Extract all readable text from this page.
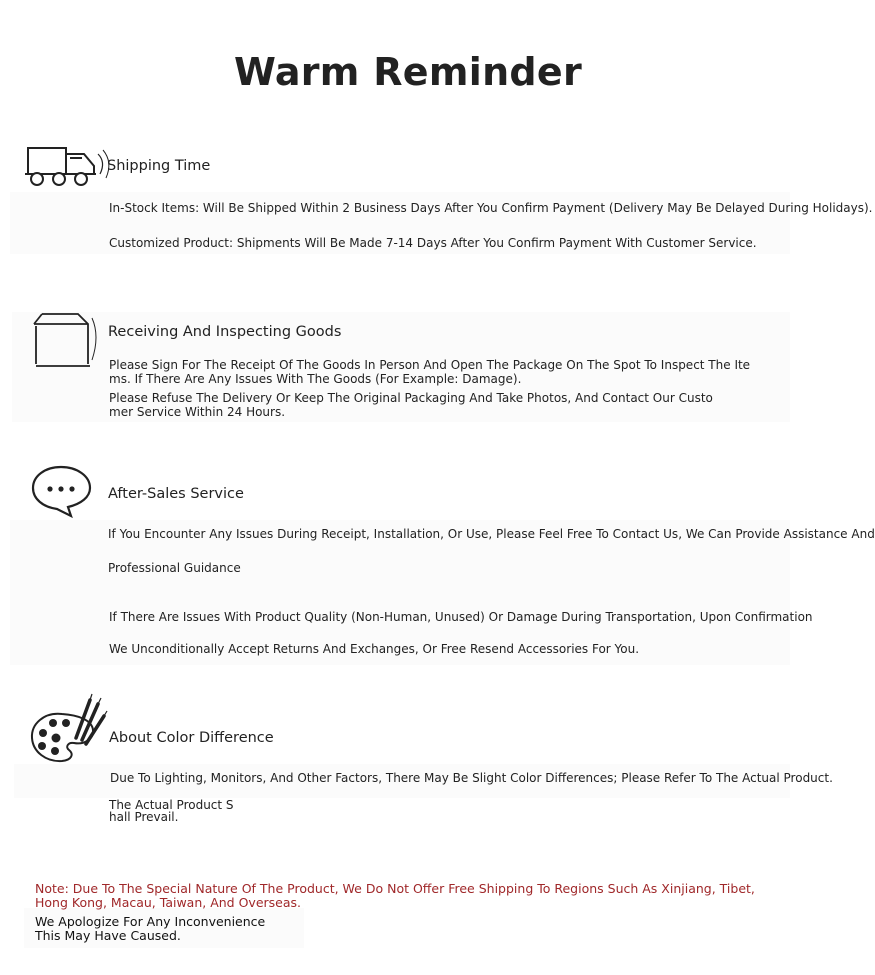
Warm Reminder
Shipping Time
In-Stock Items: Will Be Shipped Within 2 Business Days After You Confirm Payment (Delivery May Be Delayed During Holidays).
Customized Product: Shipments Will Be Made 7-14 Days After You Confirm Payment With Customer Service.
Receiving And Inspecting Goods
Please Sign For The Receipt Of The Goods In Person And Open The Package On The Spot To Inspect The Items. If There Are Any Issues With The Goods (For Example: Damage).
Please Refuse The Delivery Or Keep The Original Packaging And Take Photos, And Contact Our Customer Service Within 24 Hours.
After-Sales Service
If You Encounter Any Issues During Receipt, Installation, Or Use, Please Feel Free To Contact Us, We Can Provide Assistance And
Professional Guidance
If There Are Issues With Product Quality (Non-Human, Unused) Or Damage During Transportation, Upon Confirmation
We Unconditionally Accept Returns And Exchanges, Or Free Resend Accessories For You.
About Color Difference
Due To Lighting, Monitors, And Other Factors, There May Be Slight Color Differences; Please Refer To The Actual Product.
The Actual Product Shall Prevail.
Note: Due To The Special Nature Of The Product, We Do Not Offer Free Shipping To Regions Such As Xinjiang, Tibet, Hong Kong, Macau, Taiwan, And Overseas.
We Apologize For Any Inconvenience This May Have Caused.
